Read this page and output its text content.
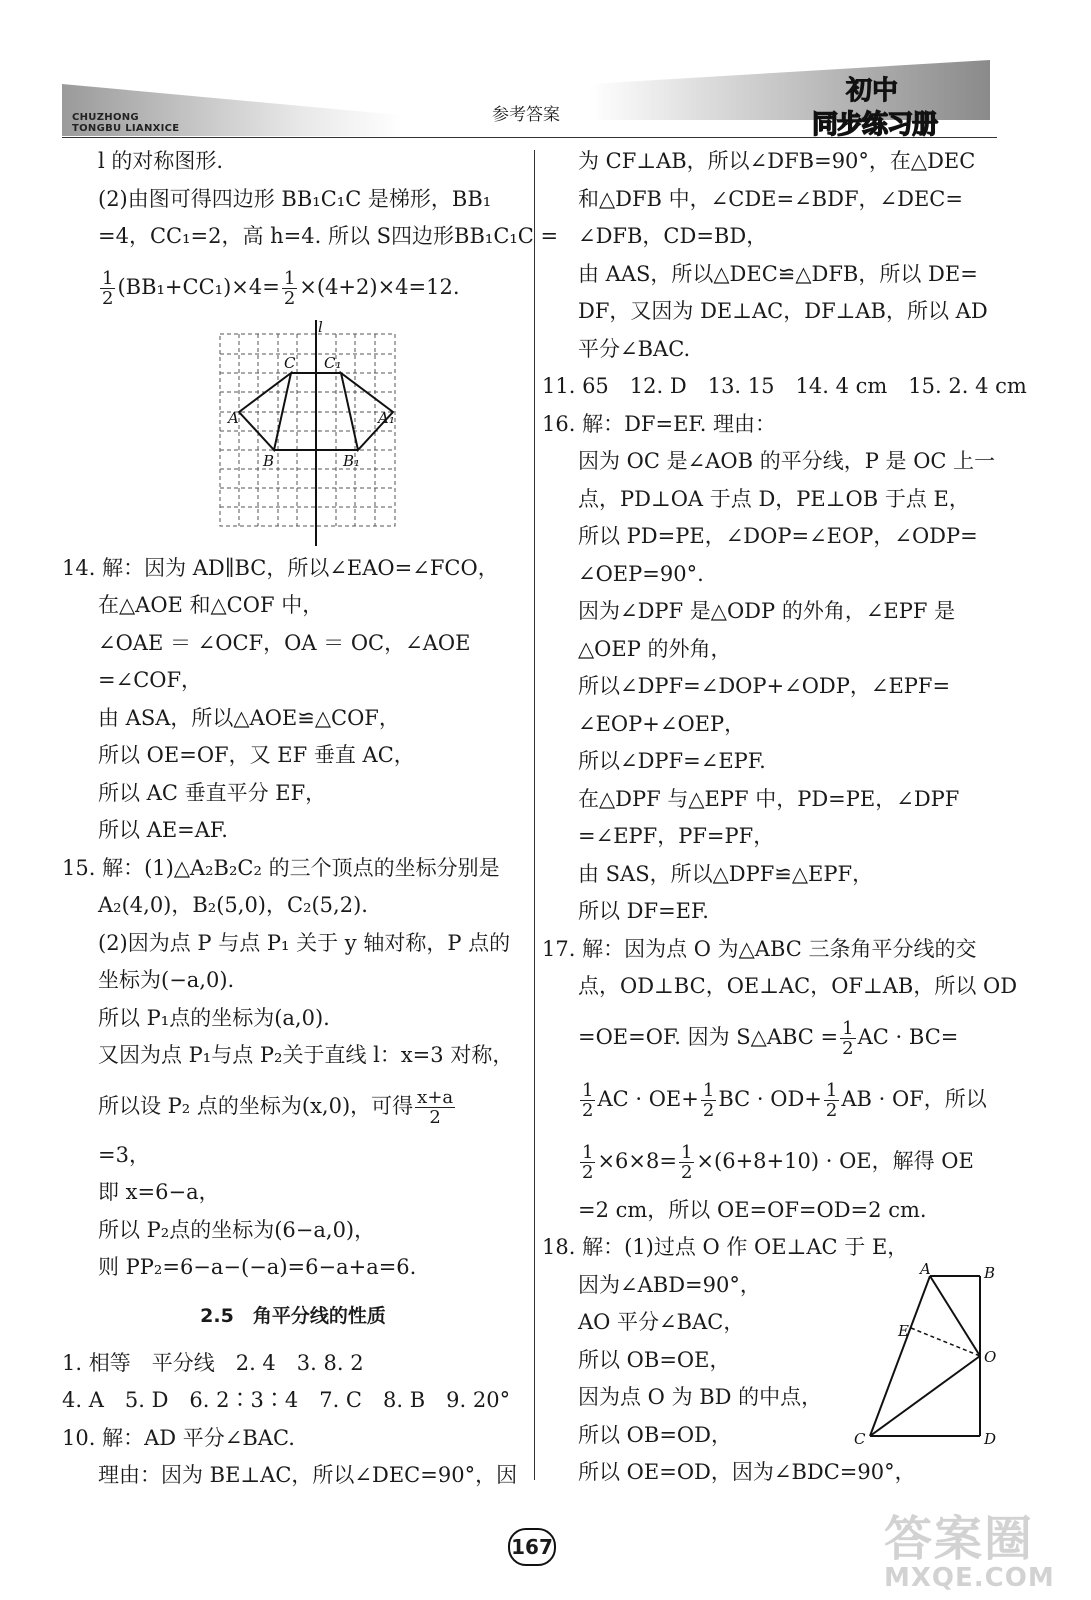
CHUZHONG
TONGBU LIANXICE
参考答案
初中
同步练习册
l 的对称图形.
(2)由图可得四边形 BB₁C₁C 是梯形，BB₁
=4，CC₁=2，高 h=4. 所以 S四边形BB₁C₁C =
$\frac{1}{2} (BB_1+CC_1)\times 4= \frac{1}{2} \times(4+2)\times 4=12$.
l
C C₁
A	A₁
B	B₁
14. 解：因为 AD∥BC，所以∠EAO=∠FCO，
在△AOE 和△COF 中，
∠OAE ＝ ∠OCF，OA ＝ OC，∠AOE
=∠COF，
由 ASA，所以△AOE≌△COF，
所以 OE=OF，又 EF 垂直 AC，
所以 AC 垂直平分 EF，
所以 AE=AF.
15. 解：(1)△A₂B₂C₂ 的三个顶点的坐标分别是
A₂(4,0)，B₂(5,0)，C₂(5,2).
(2)因为点 P 与点 P₁ 关于 y 轴对称，P 点的
坐标为(−a,0).
所以 P₁点的坐标为(a,0).
又因为点 P₁与点 P₂关于直线 l：x=3 对称，
所以设 P₂ 点的坐标为(x,0)，可得 $\frac{x+a}{2}$
=3，
即 x=6−a，
所以 P₂点的坐标为(6−a,0)，
则 PP₂=6−a−(−a)=6−a+a=6.
2.5　角平分线的性质
1. 相等　平分线　2. 4　3. 8. 2
4. A　5. D　6. 2∶3∶4　7. C　8. B　9. 20°
10. 解：AD 平分∠BAC.
理由：因为 BE⊥AC，所以∠DEC=90°，因
为 CF⊥AB，所以∠DFB=90°，在△DEC
和△DFB 中，∠CDE=∠BDF，∠DEC=
∠DFB，CD=BD，
由 AAS，所以△DEC≌△DFB，所以 DE=
DF，又因为 DE⊥AC，DF⊥AB，所以 AD
平分∠BAC.
11. 65　12. D　13. 15　14. 4 cm　15. 2. 4 cm
16. 解：DF=EF. 理由：
因为 OC 是∠AOB 的平分线，P 是 OC 上一
点，PD⊥OA 于点 D，PE⊥OB 于点 E，
所以 PD=PE，∠DOP=∠EOP，∠ODP=
∠OEP=90°.
因为∠DPF 是△ODP 的外角，∠EPF 是
△OEP 的外角，
所以∠DPF=∠DOP+∠ODP，∠EPF=
∠EOP+∠OEP，
所以∠DPF=∠EPF.
在△DPF 与△EPF 中，PD=PE，∠DPF
=∠EPF，PF=PF，
由 SAS，所以△DPF≌△EPF，
所以 DF=EF.
17. 解：因为点 O 为△ABC 三条角平分线的交
点，OD⊥BC，OE⊥AC，OF⊥AB，所以 OD
=OE=OF. 因为 S△ABC = $\frac{1}{2}$ AC · BC=
$\frac{1}{2}$ AC · $OE+ \frac{1}{2}$ BC · $OD+ \frac{1}{2}$ AB · OF，所以
$\frac{1}{2} \times 6\times 8= \frac{1}{2} \times(6+8+10)$ · OE，解得 OE
=2 cm，所以 OE=OF=OD=2 cm.
18. 解：(1)过点 O 作 OE⊥AC 于 E，
因为∠ABD=90°，
AO 平分∠BAC，
所以 OB=OE，
因为点 O 为 BD 的中点，
所以 OB=OD，
所以 OE=OD，因为∠BDC=90°，
A	B
E
O
C	D
167	答案圈
MXQE.COM
